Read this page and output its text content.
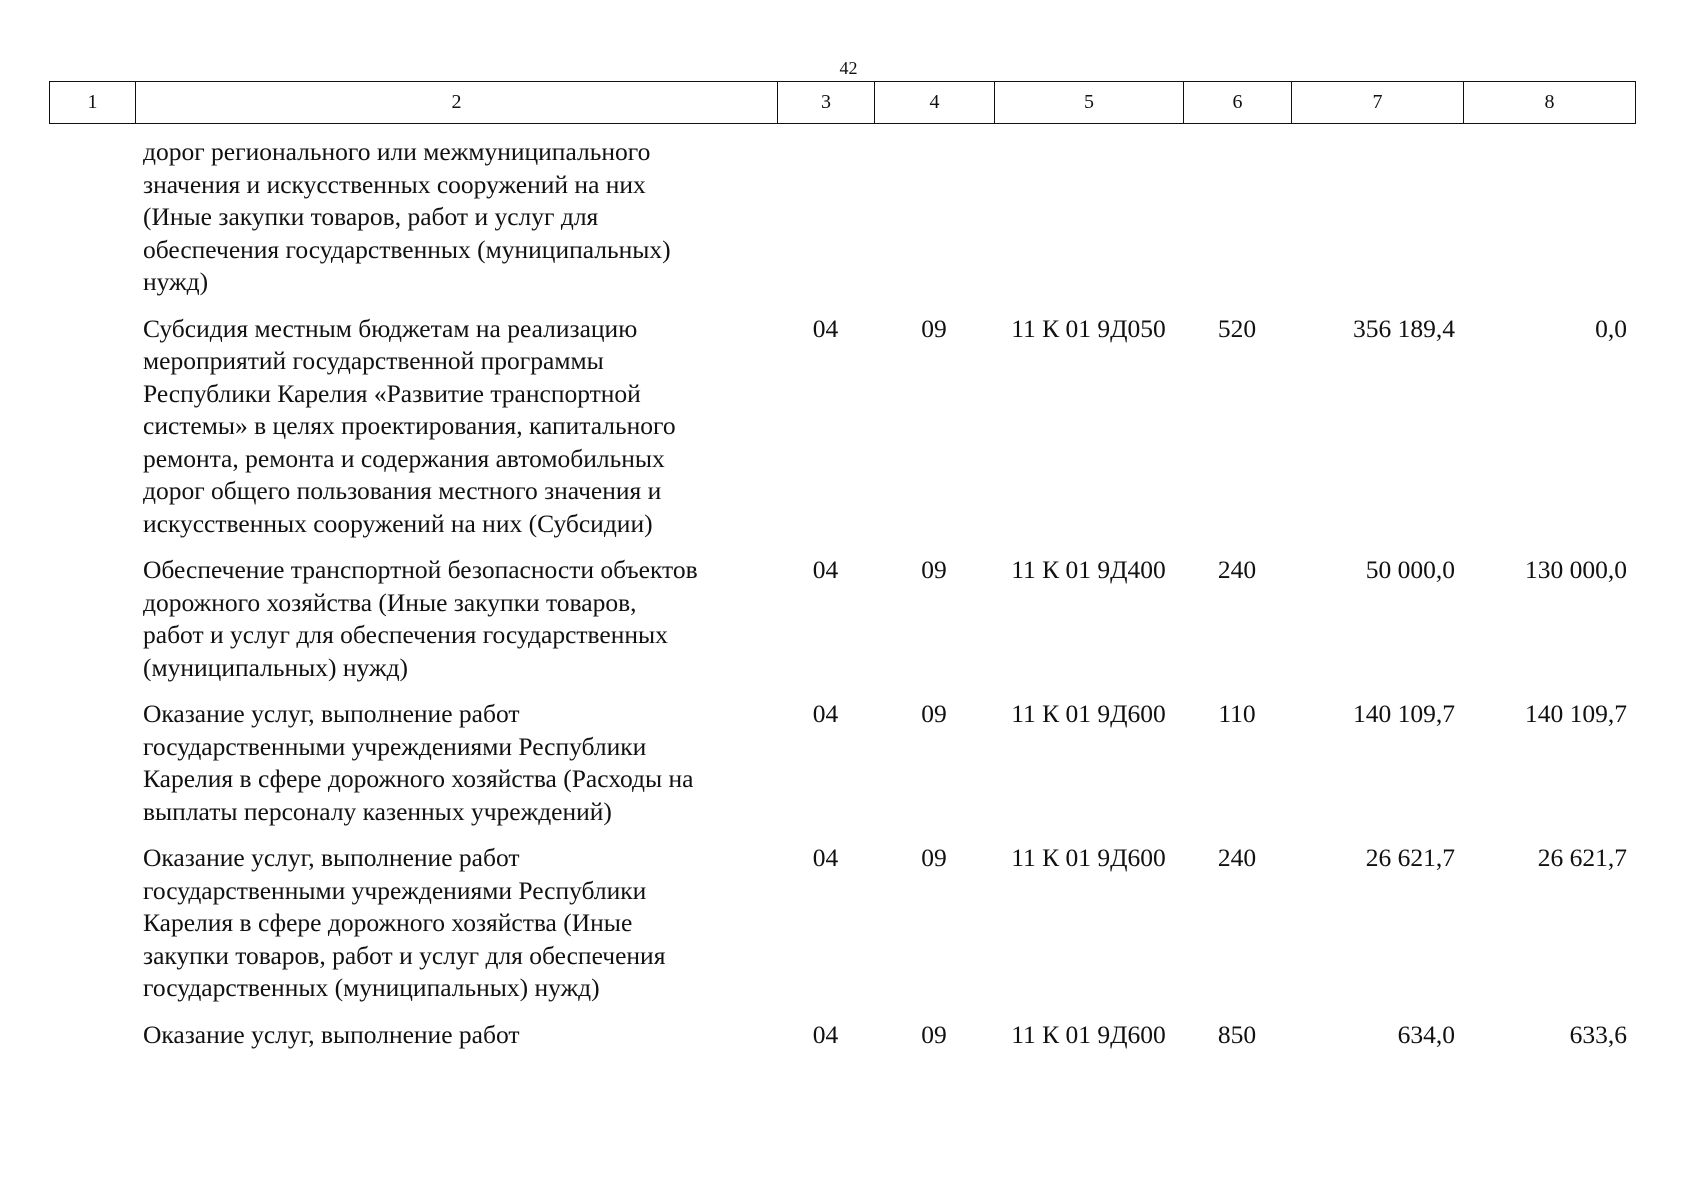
42
1	2	3	4	5	6	7	8
дорог регионального или межмуниципального
значения и искусственных сооружений на них
(Иные закупки товаров, работ и услуг для
обеспечения государственных (муниципальных)
нужд)
Субсидия местным бюджетам на реализацию
мероприятий государственной программы
Республики Карелия «Развитие транспортной
системы» в целях проектирования, капитального
ремонта, ремонта и содержания автомобильных
дорог общего пользования местного значения и
искусственных сооружений на них (Субсидии)
04	09	11 К 01 9Д050	520	356 189,4	0,0
Обеспечение транспортной безопасности объектов
дорожного хозяйства (Иные закупки товаров,
работ и услуг для обеспечения государственных
(муниципальных) нужд)
04	09	11 К 01 9Д400	240	50 000,0	130 000,0
Оказание услуг, выполнение работ
государственными учреждениями Республики
Карелия в сфере дорожного хозяйства (Расходы на
выплаты персоналу казенных учреждений)
04	09	11 К 01 9Д600	110	140 109,7	140 109,7
Оказание услуг, выполнение работ
государственными учреждениями Республики
Карелия в сфере дорожного хозяйства (Иные
закупки товаров, работ и услуг для обеспечения
государственных (муниципальных) нужд)
04	09	11 К 01 9Д600	240	26 621,7	26 621,7
Оказание услуг, выполнение работ	04	09	11 К 01 9Д600	850	634,0	633,6
